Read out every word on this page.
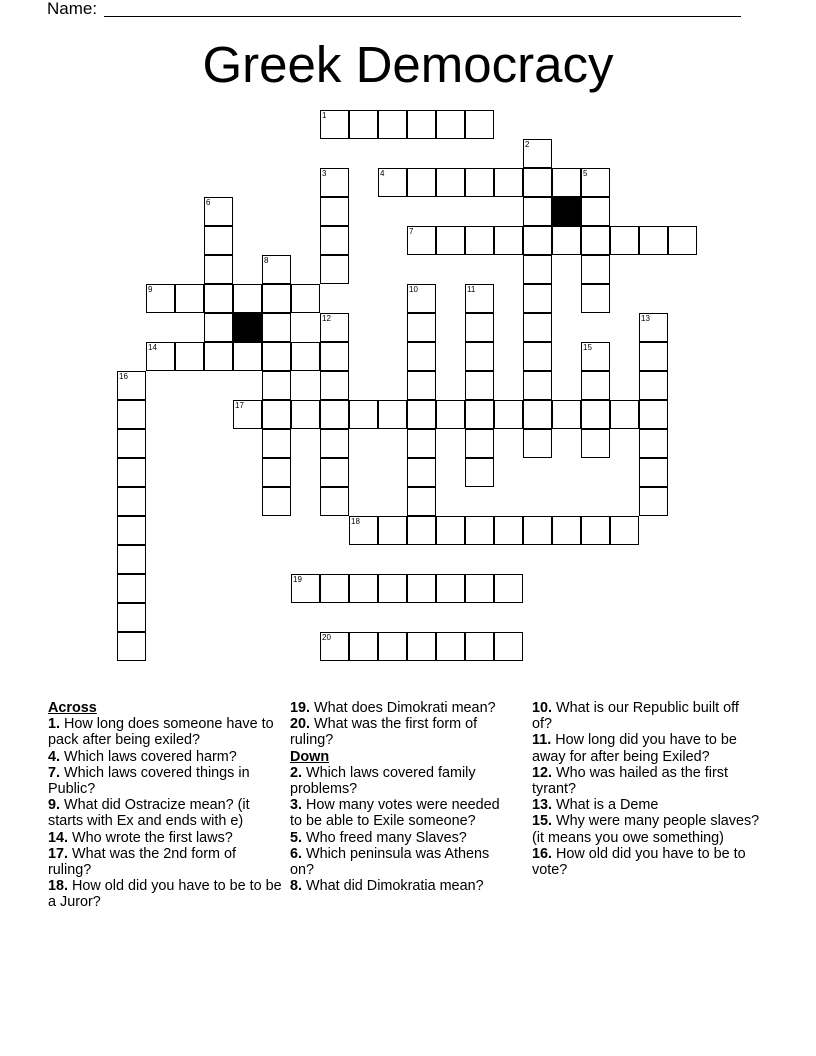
Name:
Greek Democracy
1
4	5
7
9
14
17
18
19
20
2
3
6
8
10	11
12	13
15
16
Across
1. How long does someone have to pack after being exiled?
4. Which laws covered harm?
7. Which laws covered things in Public?
9. What did Ostracize mean? (it starts with Ex and ends with e)
14. Who wrote the first laws?
17. What was the 2nd form of ruling?
18. How old did you have to be to be a Juror?
19. What does Dimokrati mean?
20. What was the first form of ruling?
Down
2. Which laws covered family problems?
3. How many votes were needed to be able to Exile someone?
5. Who freed many Slaves?
6. Which peninsula was Athens on?
8. What did Dimokratia mean?
10. What is our Republic built off of?
11. How long did you have to be away for after being Exiled?
12. Who was hailed as the first tyrant?
13. What is a Deme
15. Why were many people slaves? (it means you owe something)
16. How old did you have to be to vote?
